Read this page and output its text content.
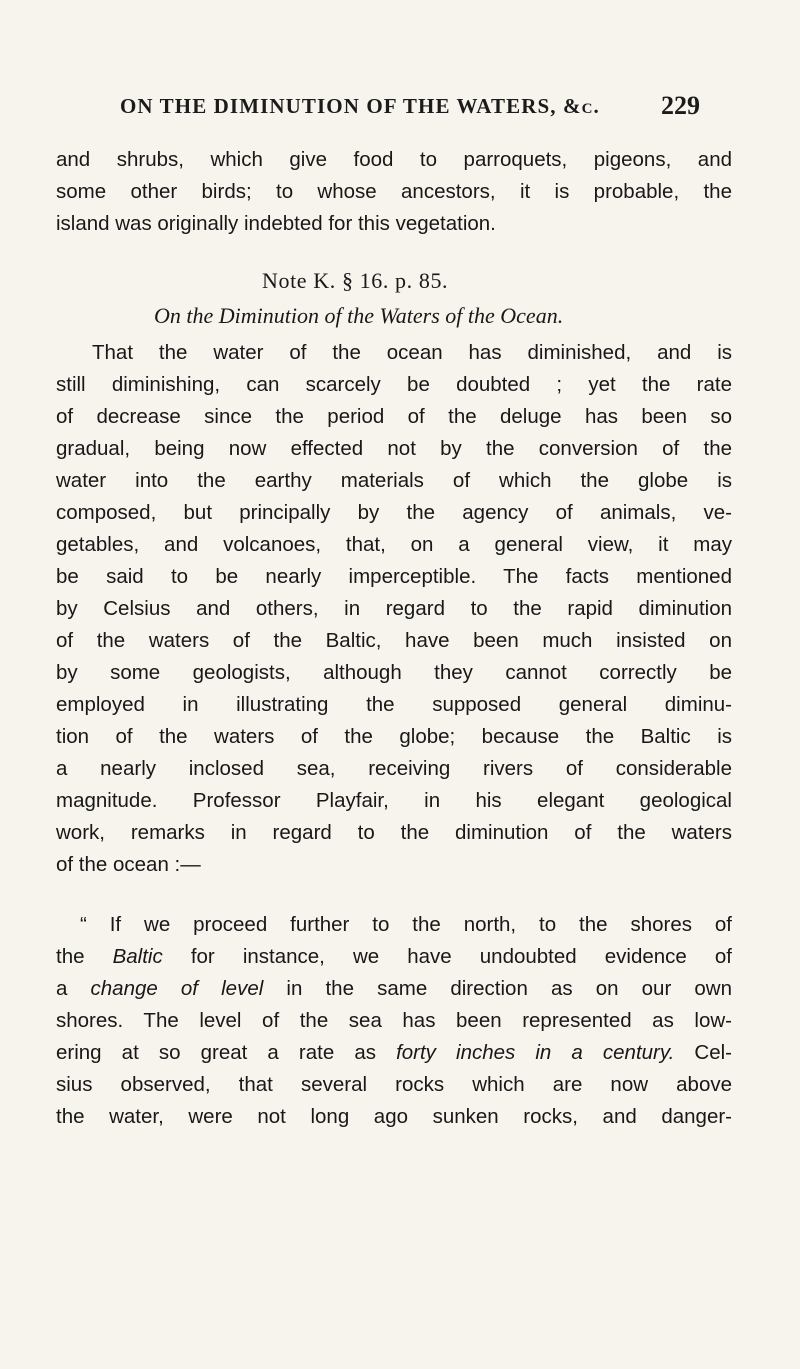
ON THE DIMINUTION OF THE WATERS, &c. 229
and shrubs, which give food to parroquets, pigeons, and
some other birds; to whose ancestors, it is probable, the
island was originally indebted for this vegetation.
Note K. § 16. p. 85.
On the Diminution of the Waters of the Ocean.
That the water of the ocean has diminished, and is
still diminishing, can scarcely be doubted ; yet the rate
of decrease since the period of the deluge has been so
gradual, being now effected not by the conversion of the
water into the earthy materials of which the globe is
composed, but principally by the agency of animals, ve-
getables, and volcanoes, that, on a general view, it may
be said to be nearly imperceptible. The facts mentioned
by Celsius and others, in regard to the rapid diminution
of the waters of the Baltic, have been much insisted on
by some geologists, although they cannot correctly be
employed in illustrating the supposed general diminu-
tion of the waters of the globe; because the Baltic is
a nearly inclosed sea, receiving rivers of considerable
magnitude. Professor Playfair, in his elegant geological
work, remarks in regard to the diminution of the waters
of the ocean :—
“ If we proceed further to the north, to the shores of
the Baltic for instance, we have undoubted evidence of
a change of level in the same direction as on our own
shores. The level of the sea has been represented as low-
ering at so great a rate as forty inches in a century. Cel-
sius observed, that several rocks which are now above
the water, were not long ago sunken rocks, and danger-
